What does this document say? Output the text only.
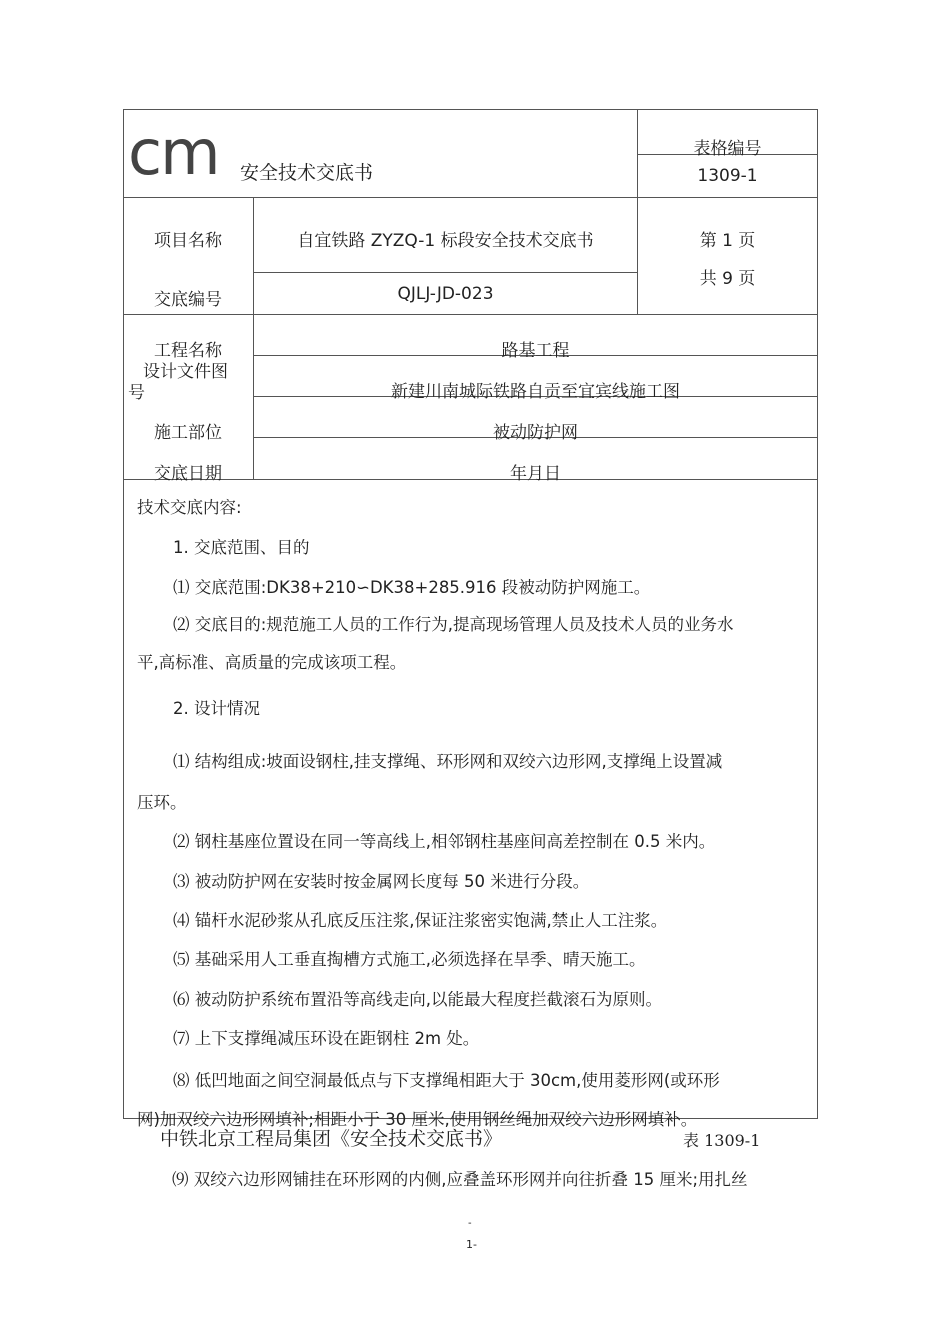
cm 安全技术交底书
表格编号
1309-1
项目名称	自宜铁路 ZYZQ-1 标段安全技术交底书	第 1 页
共 9 页
交底编号	QJLJ-JD-023
工程名称	路基工程
设计文件图
号	新建川南城际铁路自贡至宜宾线施工图
施工部位	被动防护网
交底日期	年月日
技术交底内容:
1. 交底范围、目的
⑴ 交底范围:DK38+210∽DK38+285.916 段被动防护网施工。
⑵ 交底目的:规范施工人员的工作行为,提高现场管理人员及技术人员的业务水
平,高标准、高质量的完成该项工程。
2. 设计情况
⑴ 结构组成:坡面设钢柱,挂支撑绳、环形网和双绞六边形网,支撑绳上设置减
压环。
⑵ 钢柱基座位置设在同一等高线上,相邻钢柱基座间高差控制在 0.5 米内。
⑶ 被动防护网在安装时按金属网长度每 50 米进行分段。
⑷ 锚杆水泥砂浆从孔底反压注浆,保证注浆密实饱满,禁止人工注浆。
⑸ 基础采用人工垂直掏槽方式施工,必须选择在旱季、晴天施工。
⑹ 被动防护系统布置沿等高线走向,以能最大程度拦截滚石为原则。
⑺ 上下支撑绳减压环设在距钢柱 2m 处。
⑻ 低凹地面之间空洞最低点与下支撑绳相距大于 30cm,使用菱形网(或环形
网)加双绞六边形网填补;相距小于 30 厘米,使用钢丝绳加双绞六边形网填补。
中铁北京工程局集团《安全技术交底书》	表 1309-1
⑼ 双绞六边形网铺挂在环形网的内侧,应叠盖环形网并向往折叠 15 厘米;用扎丝
-
1-
